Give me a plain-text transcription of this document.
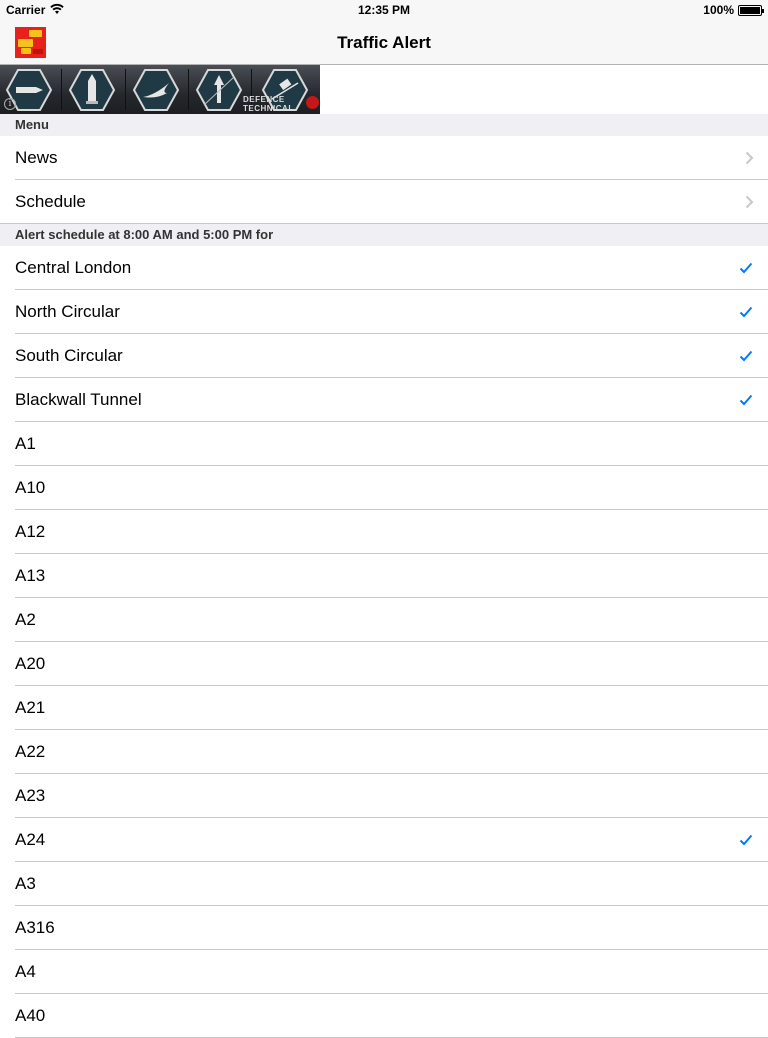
Carrier	12:35 PM	100%
Traffic Alert
i	DEFENCE TECHNICAL
Menu
News
Schedule
Alert schedule at 8:00 AM and 5:00 PM for
Central London
North Circular
South Circular
Blackwall Tunnel
A1
A10
A12
A13
A2
A20
A21
A22
A23
A24
A3
A316
A4
A40
